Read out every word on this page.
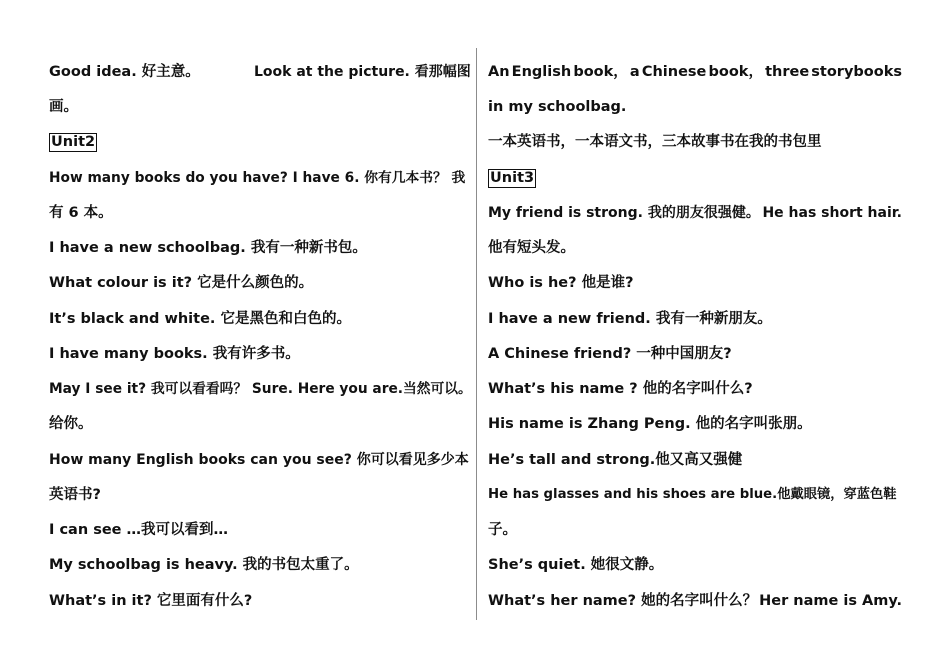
Good idea. 好主意。	Look at the picture. 看那幅图
画。
Unit2
How many books do you have? I have 6. 你有几本书？ 我
有 6 本。
I have a new schoolbag. 我有一种新书包。
What colour is it? 它是什么颜色的。
It’s black and white. 它是黑色和白色的。
I have many books. 我有许多书。
May I see it? 我可以看看吗？ Sure. Here you are.当然可以。
给你。
How many English books can you see? 你可以看见多少本
英语书?
I can see …我可以看到…
My schoolbag is heavy. 我的书包太重了。
What’s in it? 它里面有什么?
An English book， a Chinese book， three storybooks
in my schoolbag.
一本英语书，一本语文书，三本故事书在我的书包里
Unit3
My friend is strong. 我的朋友很强健。 He has short hair.
他有短头发。
Who is he? 他是谁?
I have a new friend. 我有一种新朋友。
A Chinese friend? 一种中国朋友?
What’s his name ? 他的名字叫什么?
His name is Zhang Peng. 他的名字叫张朋。
He’s tall and strong.他又高又强健
He has glasses and his shoes are blue.他戴眼镜，穿蓝色鞋
子。
She’s quiet. 她很文静。
What’s her name? 她的名字叫什么？ Her name is Amy.
